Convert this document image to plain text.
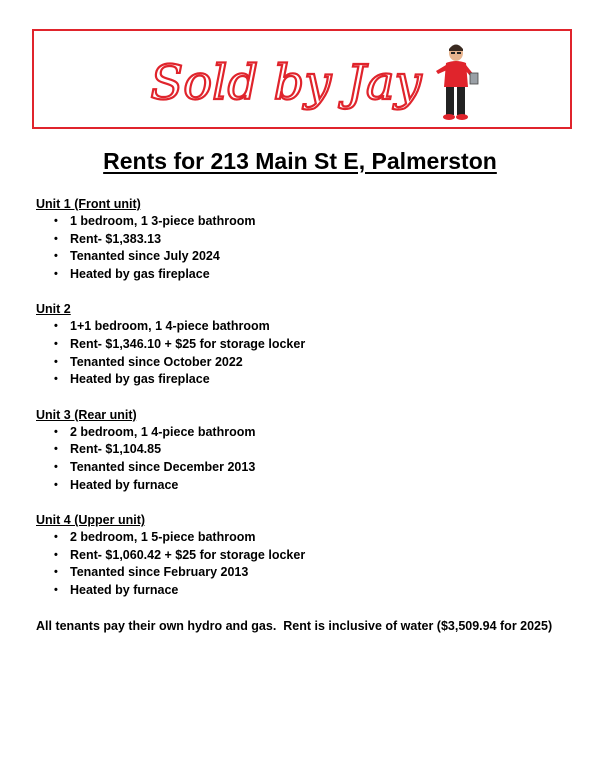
Sold by Jay
Rents for 213 Main St E, Palmerston
Unit 1 (Front unit)
• 1 bedroom, 1 3-piece bathroom
• Rent- $1,383.13
• Tenanted since July 2024
• Heated by gas fireplace
Unit 2
• 1+1 bedroom, 1 4-piece bathroom
• Rent- $1,346.10 + $25 for storage locker
• Tenanted since October 2022
• Heated by gas fireplace
Unit 3 (Rear unit)
• 2 bedroom, 1 4-piece bathroom
• Rent- $1,104.85
• Tenanted since December 2013
• Heated by furnace
Unit 4 (Upper unit)
• 2 bedroom, 1 5-piece bathroom
• Rent- $1,060.42 + $25 for storage locker
• Tenanted since February 2013
• Heated by furnace
All tenants pay their own hydro and gas.  Rent is inclusive of water ($3,509.94 for 2025)
